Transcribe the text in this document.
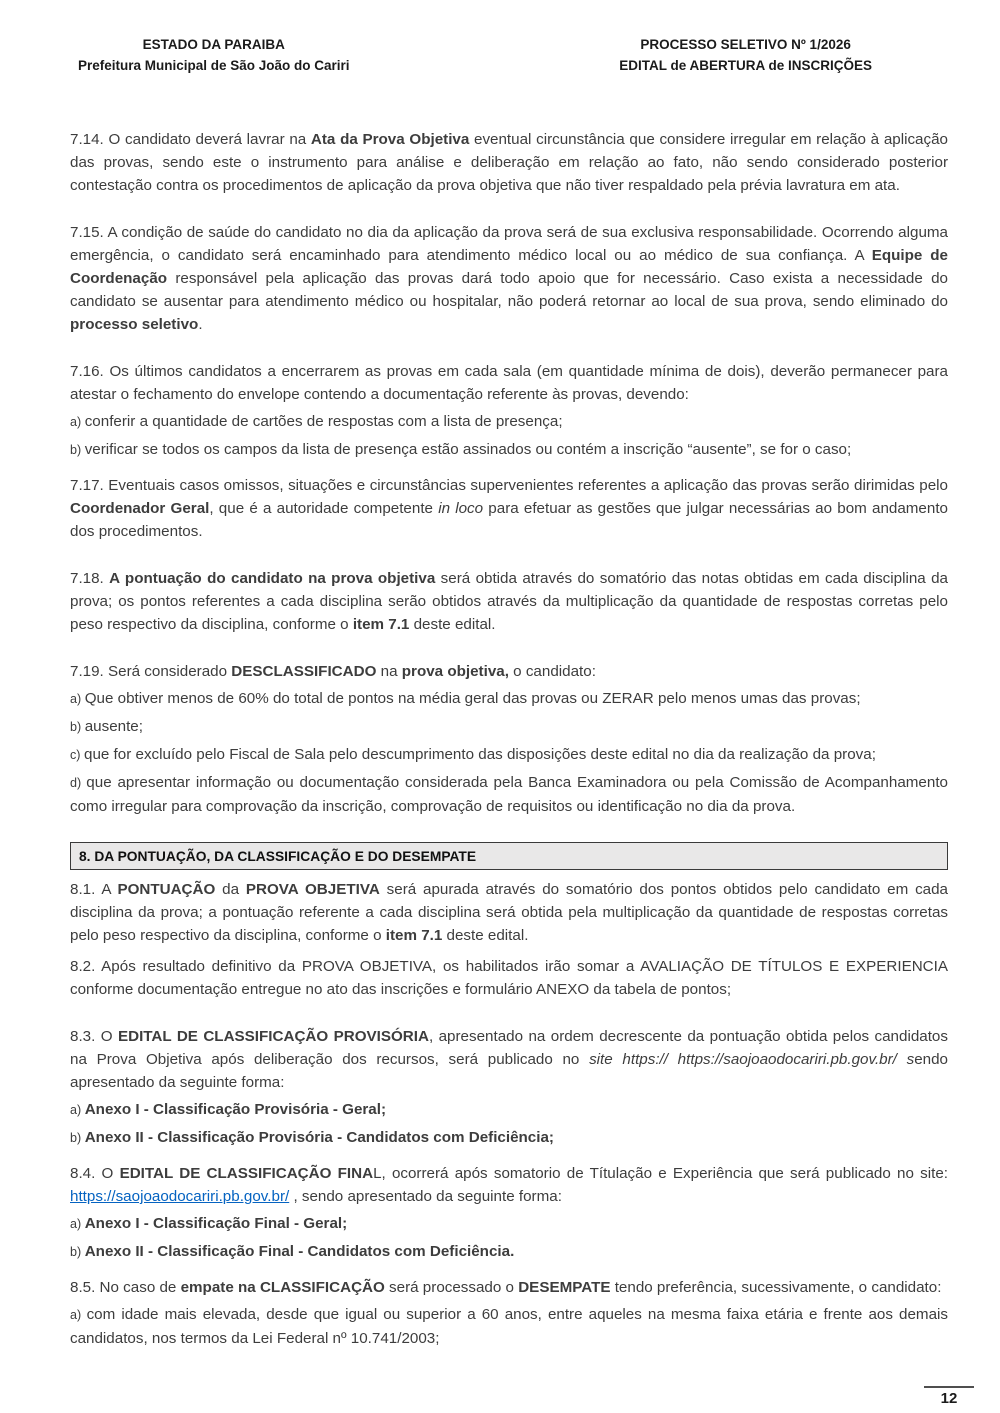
ESTADO DA PARAIBA
Prefeitura Municipal de São João do Cariri
PROCESSO SELETIVO Nº 1/2026
EDITAL de ABERTURA de INSCRIÇÕES
7.14. O candidato deverá lavrar na Ata da Prova Objetiva eventual circunstância que considere irregular em relação à aplicação das provas, sendo este o instrumento para análise e deliberação em relação ao fato, não sendo considerado posterior contestação contra os procedimentos de aplicação da prova objetiva que não tiver respaldado pela prévia lavratura em ata.
7.15. A condição de saúde do candidato no dia da aplicação da prova será de sua exclusiva responsabilidade. Ocorrendo alguma emergência, o candidato será encaminhado para atendimento médico local ou ao médico de sua confiança. A Equipe de Coordenação responsável pela aplicação das provas dará todo apoio que for necessário. Caso exista a necessidade do candidato se ausentar para atendimento médico ou hospitalar, não poderá retornar ao local de sua prova, sendo eliminado do processo seletivo.
7.16. Os últimos candidatos a encerrarem as provas em cada sala (em quantidade mínima de dois), deverão permanecer para atestar o fechamento do envelope contendo a documentação referente às provas, devendo:
a) conferir a quantidade de cartões de respostas com a lista de presença;
b) verificar se todos os campos da lista de presença estão assinados ou contém a inscrição “ausente”, se for o caso;
7.17. Eventuais casos omissos, situações e circunstâncias supervenientes referentes a aplicação das provas serão dirimidas pelo Coordenador Geral, que é a autoridade competente in loco para efetuar as gestões que julgar necessárias ao bom andamento dos procedimentos.
7.18. A pontuação do candidato na prova objetiva será obtida através do somatório das notas obtidas em cada disciplina da prova; os pontos referentes a cada disciplina serão obtidos através da multiplicação da quantidade de respostas corretas pelo peso respectivo da disciplina, conforme o item 7.1 deste edital.
7.19. Será considerado DESCLASSIFICADO na prova objetiva, o candidato:
a) Que obtiver menos de 60% do total de pontos na média geral das provas ou ZERAR pelo menos umas das provas;
b) ausente;
c) que for excluído pelo Fiscal de Sala pelo descumprimento das disposições deste edital no dia da realização da prova;
d) que apresentar informação ou documentação considerada pela Banca Examinadora ou pela Comissão de Acompanhamento como irregular para comprovação da inscrição, comprovação de requisitos ou identificação no dia da prova.
8. DA PONTUAÇÃO, DA CLASSIFICAÇÃO E DO DESEMPATE
8.1. A PONTUAÇÃO da PROVA OBJETIVA será apurada através do somatório dos pontos obtidos pelo candidato em cada disciplina da prova; a pontuação referente a cada disciplina será obtida pela multiplicação da quantidade de respostas corretas pelo peso respectivo da disciplina, conforme o item 7.1 deste edital.
8.2. Após resultado definitivo da PROVA OBJETIVA, os habilitados irão somar a AVALIAÇÃO DE TÍTULOS E EXPERIENCIA conforme documentação entregue no ato das inscrições e formulário ANEXO da tabela de pontos;
8.3. O EDITAL DE CLASSIFICAÇÃO PROVISÓRIA, apresentado na ordem decrescente da pontuação obtida pelos candidatos na Prova Objetiva após deliberação dos recursos, será publicado no site https:// https://saojoaodocariri.pb.gov.br/ sendo apresentado da seguinte forma:
a) Anexo I - Classificação Provisória - Geral;
b) Anexo II - Classificação Provisória - Candidatos com Deficiência;
8.4. O EDITAL DE CLASSIFICAÇÃO FINAL, ocorrerá após somatorio de Títulação e Experiência que será publicado no site: https://saojoaodocariri.pb.gov.br/ , sendo apresentado da seguinte forma:
a) Anexo I - Classificação Final - Geral;
b) Anexo II - Classificação Final - Candidatos com Deficiência.
8.5. No caso de empate na CLASSIFICAÇÃO será processado o DESEMPATE tendo preferência, sucessivamente, o candidato:
a) com idade mais elevada, desde que igual ou superior a 60 anos, entre aqueles na mesma faixa etária e frente aos demais candidatos, nos termos da Lei Federal nº 10.741/2003;
12
